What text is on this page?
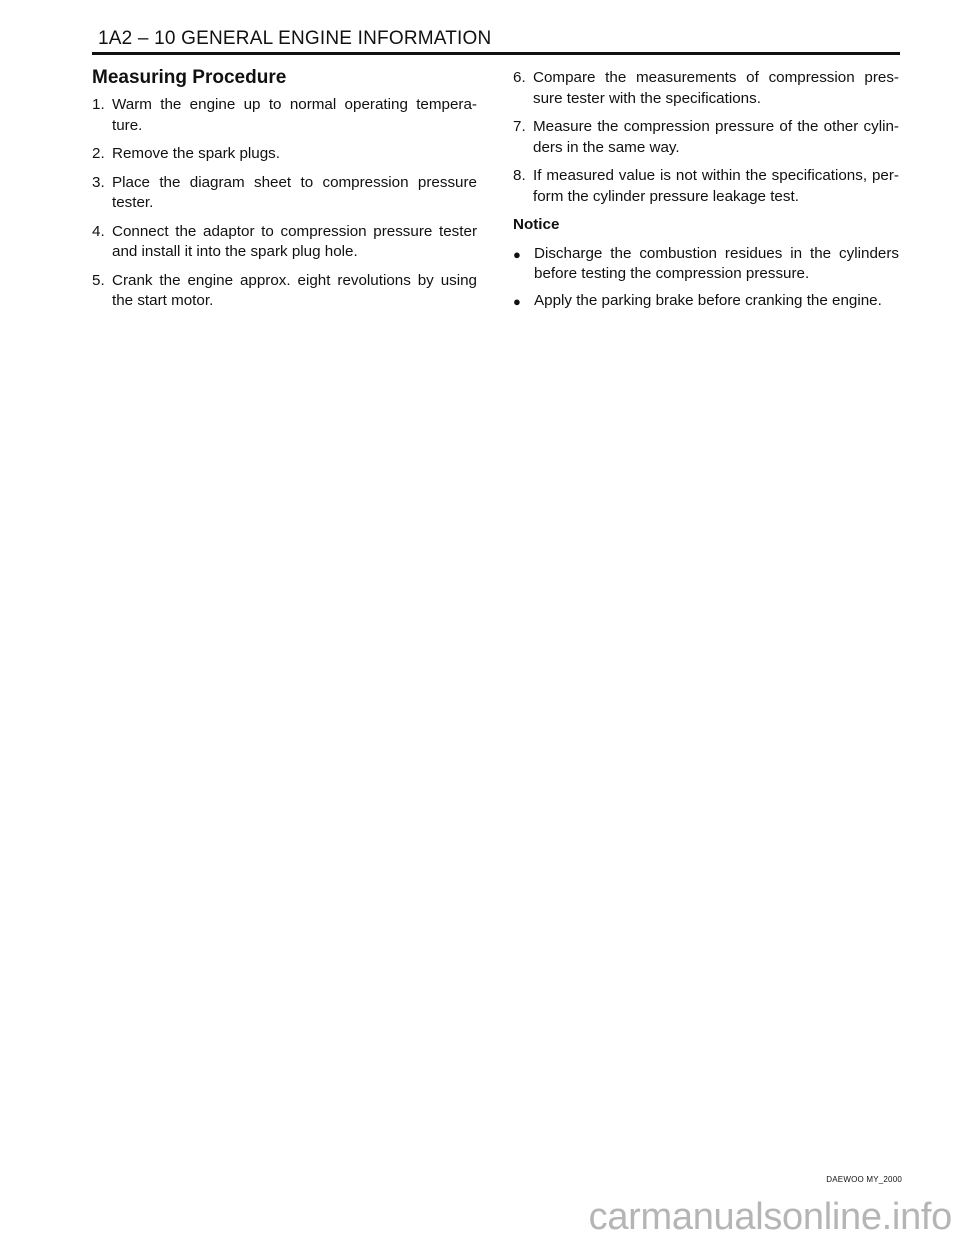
1A2 – 10 GENERAL ENGINE INFORMATION
Measuring Procedure
1. Warm the engine up to normal operating tempera-ture.
2. Remove the spark plugs.
3. Place the diagram sheet to compression pressure tester.
4. Connect the adaptor to compression pressure tester and install it into the spark plug hole.
5. Crank the engine approx. eight revolutions by using the start motor.
6. Compare the measurements of compression pres-sure tester with the specifications.
7. Measure the compression pressure of the other cylin-ders in the same way.
8. If measured value is not within the specifications, per-form the cylinder pressure leakage test.
Notice
● Discharge the combustion residues in the cylinders before testing the compression pressure.
● Apply the parking brake before cranking the engine.
DAEWOO MY_2000
carmanualsonline.info
